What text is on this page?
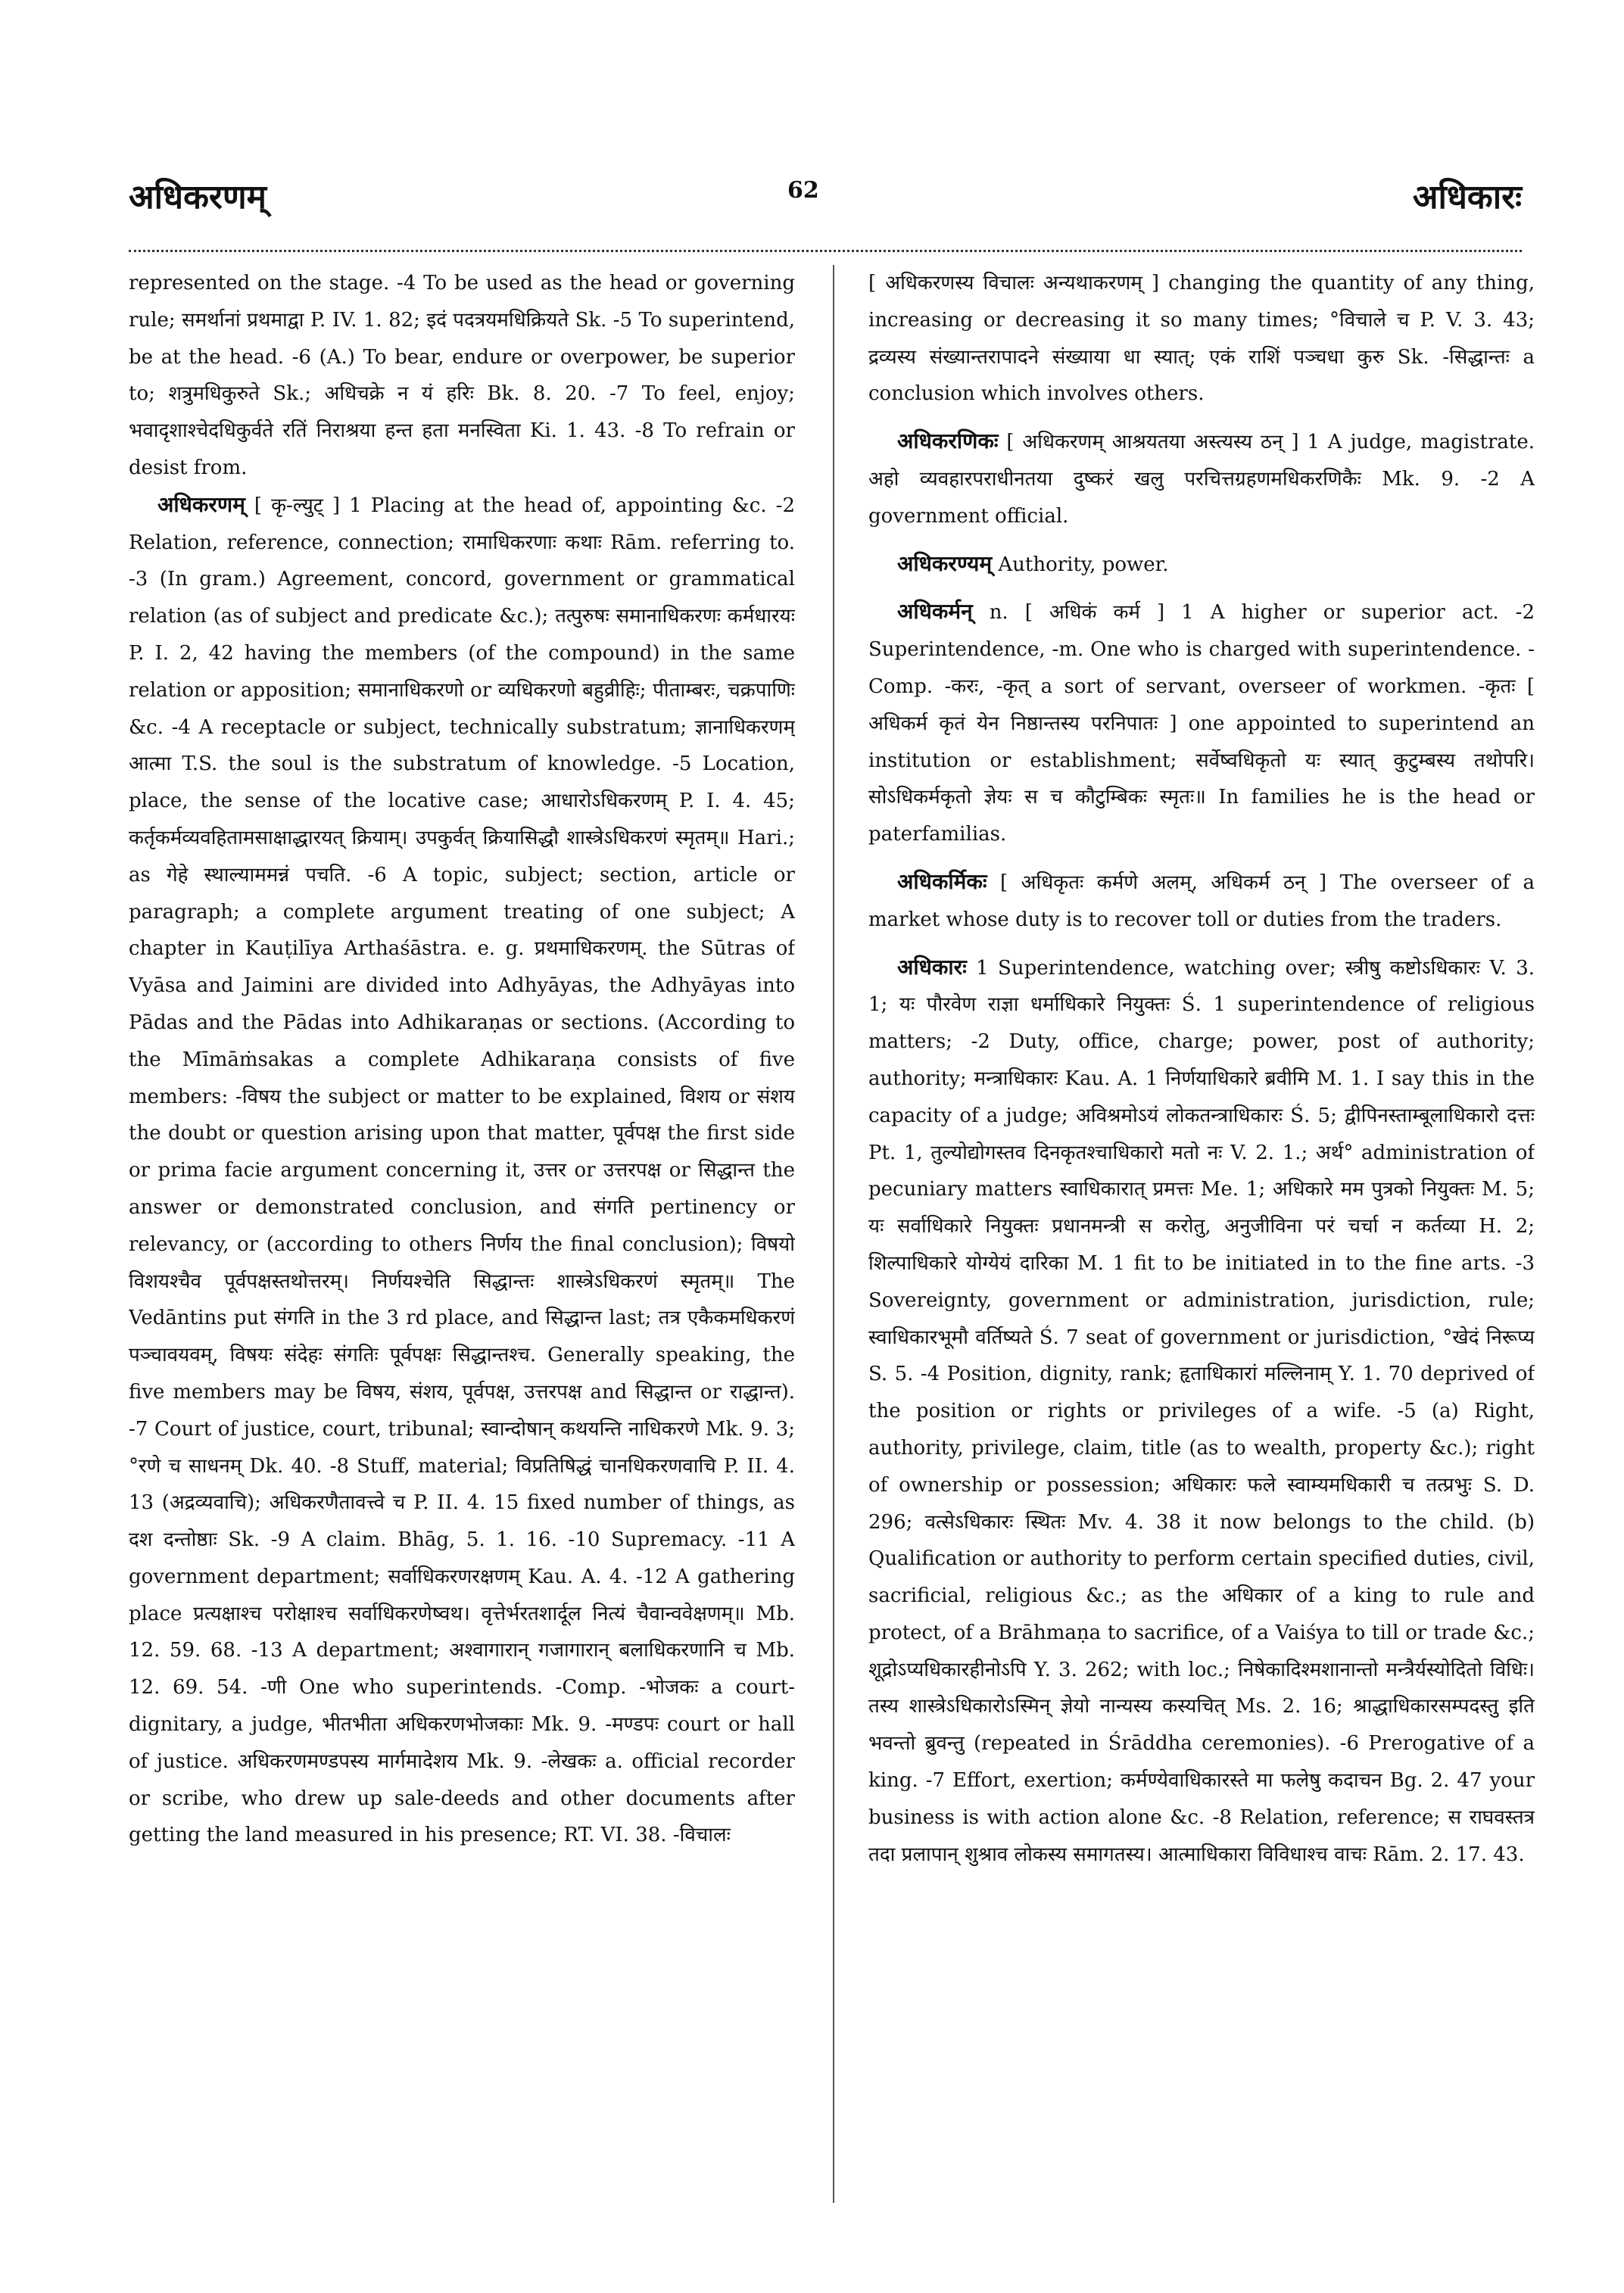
अधिकरणम्	62	अधिकारः

represented on the stage. -4 To be used as the head or governing rule; समर्थानां प्रथमाद्वा P. IV. 1. 82; इदं पदत्रयमधिक्रियते Sk. -5 To superintend, be at the head. -6 (A.) To bear, endure or overpower, be superior to; शत्रुमधिकुरुते Sk.; अधिचक्रे न यं हरिः Bk. 8. 20. -7 To feel, enjoy; भवादृशाश्चेदधिकुर्वते रतिं निराश्रया हन्त हता मनस्विता Ki. 1. 43. -8 To refrain or desist from.

अधिकरणम् [ कृ-ल्युट् ] 1 Placing at the head of, appointing &c. -2 Relation, reference, connection; रामाधिकरणाः कथाः Rām. referring to. -3 (In gram.) Agreement, concord, government or grammatical relation (as of subject and predicate &c.); तत्पुरुषः समानाधिकरणः कर्मधारयः P. I. 2, 42 having the members (of the compound) in the same relation or apposition; समानाधिकरणो or व्यधिकरणो बहुव्रीहिः; पीताम्बरः, चक्रपाणिः &c. -4 A receptacle or subject, technically substratum; ज्ञानाधिकरणम् आत्मा T.S. the soul is the substratum of knowledge. -5 Location, place, the sense of the locative case; आधारोऽधिकरणम् P. I. 4. 45; कर्तृकर्मव्यवहितामसाक्षाद्धारयत् क्रियाम्। उपकुर्वत् क्रियासिद्धौ शास्त्रेऽधिकरणं स्मृतम्॥ Hari.; as गेहे स्थाल्याममन्नं पचति. -6 A topic, subject; section, article or paragraph; a complete argument treating of one subject; A chapter in Kauṭilīya Arthaśāstra. e. g. प्रथमाधिकरणम्. the Sūtras of Vyāsa and Jaimini are divided into Adhyāyas, the Adhyāyas into Pādas and the Pādas into Adhikaraṇas or sections. (According to the Mīmāṁsakas a complete Adhikaraṇa consists of five members: -विषय the subject or matter to be explained, विशय or संशय the doubt or question arising upon that matter, पूर्वपक्ष the first side or prima facie argument concerning it, उत्तर or उत्तरपक्ष or सिद्धान्त the answer or demonstrated conclusion, and संगति pertinency or relevancy, or (according to others निर्णय the final conclusion); विषयो विशयश्चैव पूर्वपक्षस्तथोत्तरम्। निर्णयश्चेति सिद्धान्तः शास्त्रेऽधिकरणं स्मृतम्॥ The Vedāntins put संगति in the 3 rd place, and सिद्धान्त last; तत्र एकैकमधिकरणं पञ्चावयवम्, विषयः संदेहः संगतिः पूर्वपक्षः सिद्धान्तश्च. Generally speaking, the five members may be विषय, संशय, पूर्वपक्ष, उत्तरपक्ष and सिद्धान्त or राद्धान्त). -7 Court of justice, court, tribunal; स्वान्दोषान् कथयन्ति नाधिकरणे Mk. 9. 3; °रणे च साधनम् Dk. 40. -8 Stuff, material; विप्रतिषिद्धं चानधिकरणवाचि P. II. 4. 13 (अद्रव्यवाचि); अधिकरणैतावत्त्वे च P. II. 4. 15 fixed number of things, as दश दन्तोष्ठाः Sk. -9 A claim. Bhāg, 5. 1. 16. -10 Supremacy. -11 A government department; सर्वाधिकरणरक्षणम् Kau. A. 4. -12 A gathering place प्रत्यक्षाश्च परोक्षाश्च सर्वाधिकरणेष्वथ। वृत्तेर्भरतशार्दूल नित्यं चैवान्ववेक्षणम्॥ Mb. 12. 59. 68. -13 A department; अश्वागारान् गजागारान् बलाधिकरणानि च Mb. 12. 69. 54. -णी One who superintends. -Comp. -भोजकः a court-dignitary, a judge, भीतभीता अधिकरणभोजकाः Mk. 9. -मण्डपः court or hall of justice. अधिकरणमण्डपस्य मार्गमादेशय Mk. 9. -लेखकः a. official recorder or scribe, who drew up sale-deeds and other documents after getting the land measured in his presence; RT. VI. 38. -विचालः

[ अधिकरणस्य विचालः अन्यथाकरणम् ] changing the quantity of any thing, increasing or decreasing it so many times; °विचाले च P. V. 3. 43; द्रव्यस्य संख्यान्तरापादने संख्याया धा स्यात्; एकं राशिं पञ्चधा कुरु Sk. -सिद्धान्तः a conclusion which involves others.

अधिकरणिकः [ अधिकरणम् आश्रयतया अस्त्यस्य ठन् ] 1 A judge, magistrate. अहो व्यवहारपराधीनतया दुष्करं खलु परचित्तग्रहणमधिकरणिकैः Mk. 9. -2 A government official.

अधिकरण्यम् Authority, power.

अधिकर्मन् n. [ अधिकं कर्म ] 1 A higher or superior act. -2 Superintendence, -m. One who is charged with superintendence. -Comp. -करः, -कृत् a sort of servant, overseer of workmen. -कृतः [ अधिकर्म कृतं येन निष्ठान्तस्य परनिपातः ] one appointed to superintend an institution or establishment; सर्वेष्वधिकृतो यः स्यात् कुटुम्बस्य तथोपरि। सोऽधिकर्मकृतो ज्ञेयः स च कौटुम्बिकः स्मृतः॥ In families he is the head or paterfamilias.

अधिकर्मिकः [ अधिकृतः कर्मणे अलम्, अधिकर्म ठन् ] The overseer of a market whose duty is to recover toll or duties from the traders.

अधिकारः 1 Superintendence, watching over; स्त्रीषु कष्टोऽधिकारः V. 3. 1; यः पौरवेण राज्ञा धर्माधिकारे नियुक्तः Ś. 1 superintendence of religious matters; -2 Duty, office, charge; power, post of authority; authority; मन्त्राधिकारः Kau. A. 1 निर्णयाधिकारे ब्रवीमि M. 1. I say this in the capacity of a judge; अविश्रमोऽयं लोकतन्त्राधिकारः Ś. 5; द्वीपिनस्ताम्बूलाधिकारो दत्तः Pt. 1, तुल्योद्योगस्तव दिनकृतश्चाधिकारो मतो नः V. 2. 1.; अर्थ° administration of pecuniary matters स्वाधिकारात् प्रमत्तः Me. 1; अधिकारे मम पुत्रको नियुक्तः M. 5; यः सर्वाधिकारे नियुक्तः प्रधानमन्त्री स करोतु, अनुजीविना परं चर्चा न कर्तव्या H. 2; शिल्पाधिकारे योग्येयं दारिका M. 1 fit to be initiated in to the fine arts. -3 Sovereignty, government or administration, jurisdiction, rule; स्वाधिकारभूमौ वर्तिष्यते Ś. 7 seat of government or jurisdiction, °खेदं निरूप्य S. 5. -4 Position, dignity, rank; हृताधिकारां मल्लिनाम् Y. 1. 70 deprived of the position or rights or privileges of a wife. -5 (a) Right, authority, privilege, claim, title (as to wealth, property &c.); right of ownership or possession; अधिकारः फले स्वाम्यमधिकारी च तत्प्रभुः S. D. 296; वत्सेऽधिकारः स्थितः Mv. 4. 38 it now belongs to the child. (b) Qualification or authority to perform certain specified duties, civil, sacrificial, religious &c.; as the अधिकार of a king to rule and protect, of a Brāhmaṇa to sacrifice, of a Vaiśya to till or trade &c.; शूद्रोऽप्यधिकारहीनोऽपि Y. 3. 262; with loc.; निषेकादिश्मशानान्तो मन्त्रैर्यस्योदितो विधिः। तस्य शास्त्रेऽधिकारोऽस्मिन् ज्ञेयो नान्यस्य कस्यचित् Ms. 2. 16; श्राद्धाधिकारसम्पदस्तु इति भवन्तो ब्रुवन्तु (repeated in Śrāddha ceremonies). -6 Prerogative of a king. -7 Effort, exertion; कर्मण्येवाधिकारस्ते मा फलेषु कदाचन Bg. 2. 47 your business is with action alone &c. -8 Relation, reference; स राघवस्तत्र तदा प्रलापान् शुश्राव लोकस्य समागतस्य। आत्माधिकारा विविधाश्च वाचः Rām. 2. 17. 43.
